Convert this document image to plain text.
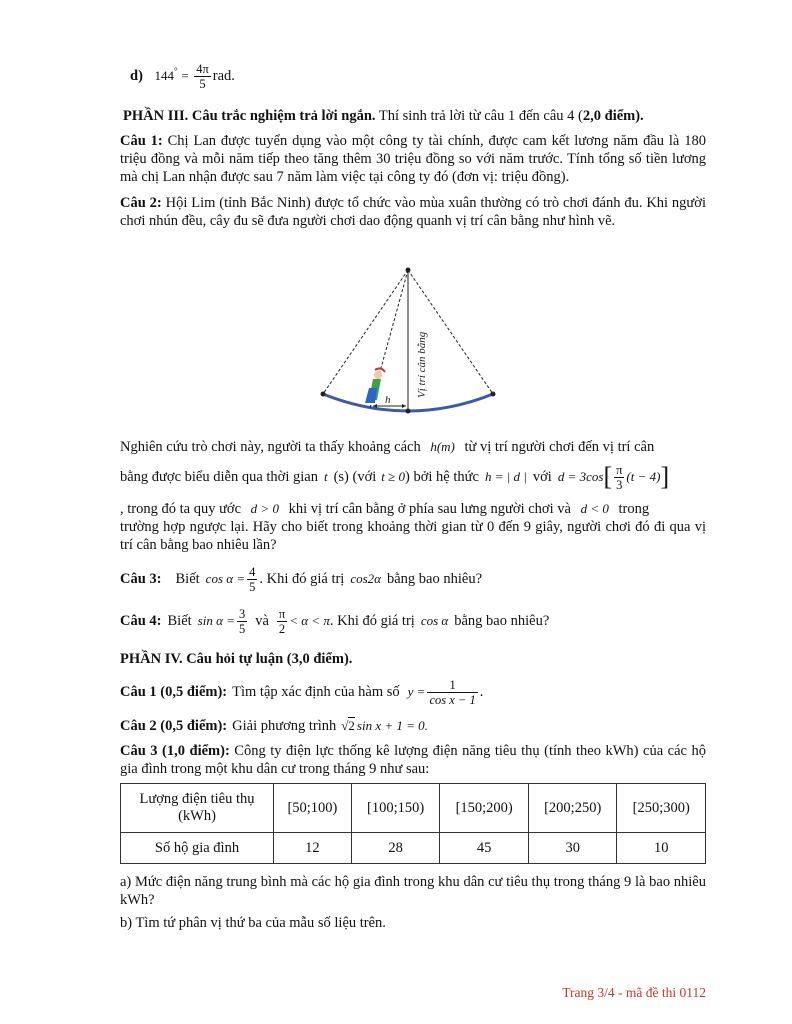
d) $144^\circ = \frac{4\pi}{5}$ rad.

PHẦN III. Câu trắc nghiệm trả lời ngắn. Thí sinh trả lời từ câu 1 đến câu 4 (2,0 điểm).

Câu 1: Chị Lan được tuyển dụng vào một công ty tài chính, được cam kết lương năm đầu là 180 triệu đồng và mỗi năm tiếp theo tăng thêm 30 triệu đồng so với năm trước. Tính tổng số tiền lương mà chị Lan nhận được sau 7 năm làm việc tại công ty đó (đơn vị: triệu đồng).

Câu 2: Hội Lim (tỉnh Bắc Ninh) được tổ chức vào mùa xuân thường có trò chơi đánh đu. Khi người chơi nhún đều, cây đu sẽ đưa người chơi dao động quanh vị trí cân bằng như hình vẽ.

h
Vị trí cân bằng

Nghiên cứu trò chơi này, người ta thấy khoảng cách h(m) từ vị trí người chơi đến vị trí cân

bằng được biểu diễn qua thời gian t (s) (với t ≥ 0 ) bởi hệ thức h = | d | với d = 3cos [ $\frac{\pi}{3} (t - 4)$ ]

, trong đó ta quy ước d > 0 khi vị trí cân bằng ở phía sau lưng người chơi và d < 0 trong

trường hợp ngược lại. Hãy cho biết trong khoảng thời gian từ 0 đến 9 giây, người chơi đó đi qua vị trí cân bằng bao nhiêu lần?

Câu 3: Biết $\cos \alpha = \frac{4}{5}$ . Khi đó giá trị cos2α bằng bao nhiêu?
Câu 4: Biết $\sin \alpha = \frac{3}{5}$ và $\frac{\pi}{2} < \alpha < \pi$ . Khi đó giá trị cos α bằng bao nhiêu?

PHẦN IV. Câu hỏi tự luận (3,0 điểm).

Câu 1 (0,5 điểm): Tìm tập xác định của hàm số $y = \frac{1}{\text{cos x − 1}}$ .
Câu 2 (0,5 điểm): Giải phương trình √2 sin x + 1 = 0.

Câu 3 (1,0 điểm): Công ty điện lực thống kê lượng điện năng tiêu thụ (tính theo kWh) của các hộ gia đình trong một khu dân cư trong tháng 9 như sau:

Lượng điện tiêu thụ (kWh)	[50;100)	[100;150)	[150;200)	[200;250)	[250;300)
Số hộ gia đình	12	28	45	30	10

a) Mức điện năng trung bình mà các hộ gia đình trong khu dân cư tiêu thụ trong tháng 9 là bao nhiêu kWh?

b) Tìm tứ phân vị thứ ba của mẫu số liệu trên.

Trang 3/4 - mã đề thi 0112
